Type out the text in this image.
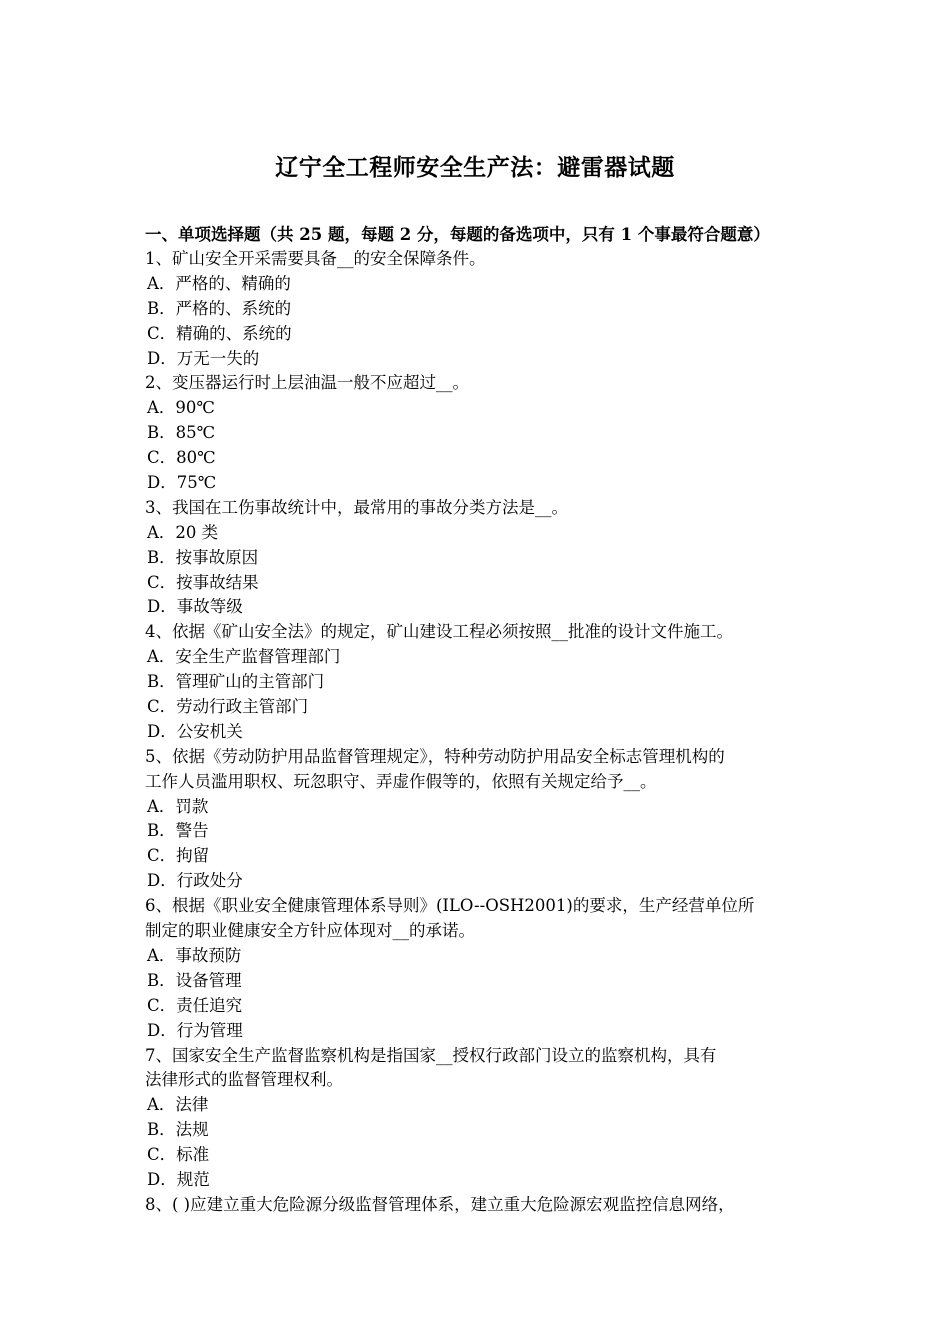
辽宁全工程师安全生产法：避雷器试题
一、单项选择题（共 25 题，每题 2 分，每题的备选项中，只有 1 个事最符合题意）
1、矿山安全开采需要具备__的安全保障条件。
A．严格的、精确的
B．严格的、系统的
C．精确的、系统的
D．万无一失的
2、变压器运行时上层油温一般不应超过__。
A．90℃
B．85℃
C．80℃
D．75℃
3、我国在工伤事故统计中，最常用的事故分类方法是__。
A．20 类
B．按事故原因
C．按事故结果
D．事故等级
4、依据《矿山安全法》的规定，矿山建设工程必须按照__批准的设计文件施工。
A．安全生产监督管理部门
B．管理矿山的主管部门
C．劳动行政主管部门
D．公安机关
5、依据《劳动防护用品监督管理规定》，特种劳动防护用品安全标志管理机构的
工作人员滥用职权、玩忽职守、弄虚作假等的，依照有关规定给予__。
A．罚款
B．警告
C．拘留
D．行政处分
6、根据《职业安全健康管理体系导则》(ILO--OSH2001)的要求，生产经营单位所
制定的职业健康安全方针应体现对__的承诺。
A．事故预防
B．设备管理
C．责任追究
D．行为管理
7、国家安全生产监督监察机构是指国家__授权行政部门设立的监察机构，具有
法律形式的监督管理权利。
A．法律
B．法规
C．标准
D．规范
8、( )应建立重大危险源分级监督管理体系，建立重大危险源宏观监控信息网络，
